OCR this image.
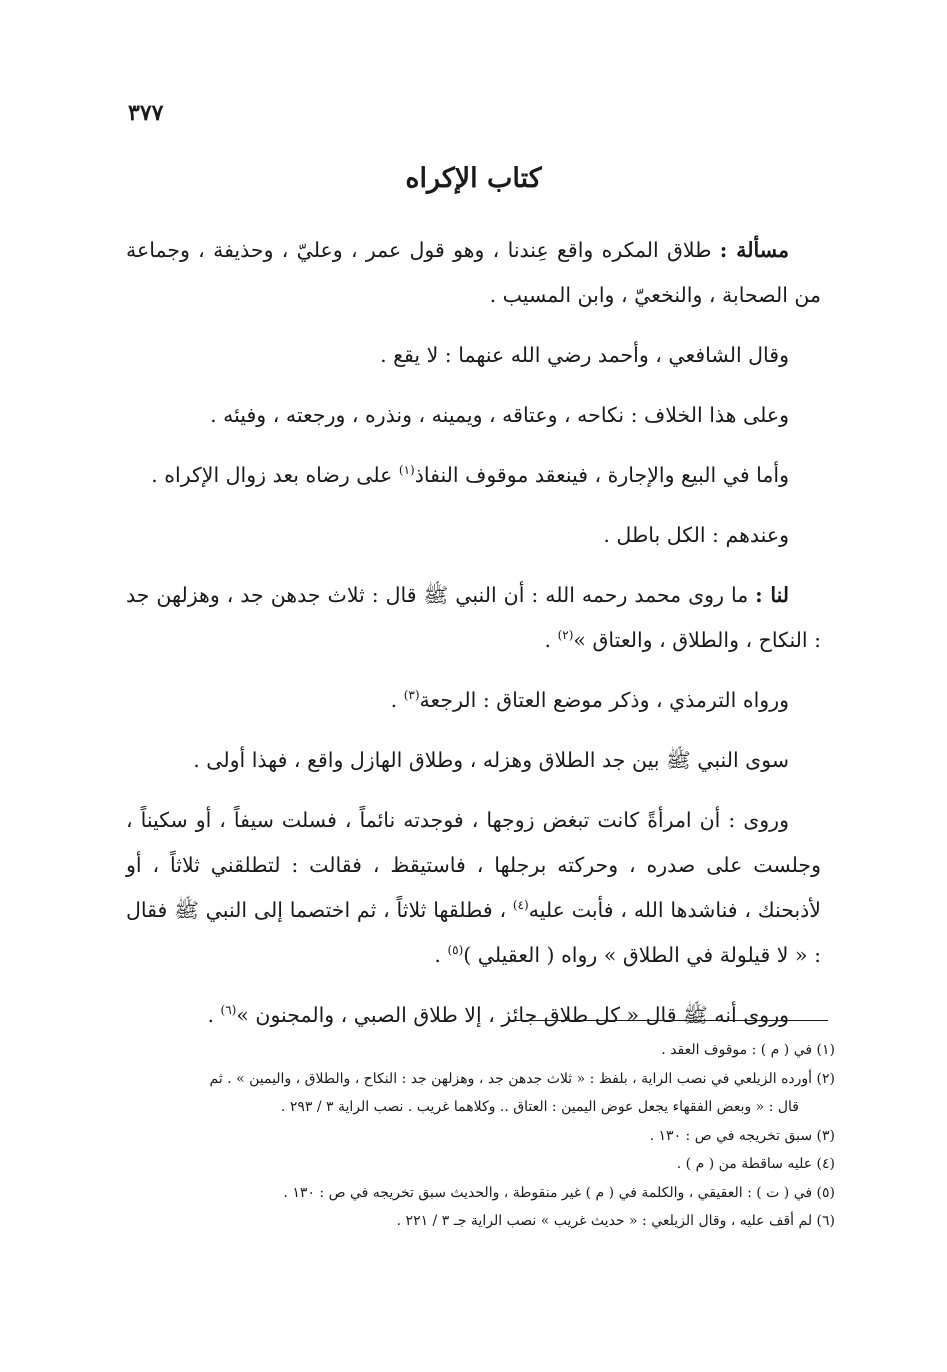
٣٧٧
كتاب الإكراه

مسألة : طلاق المكره واقع عِندنا ، وهو قول عمر ، وعليّ ، وحذيفة ، وجماعة من الصحابة ، والنخعيّ ، وابن المسيب .

وقال الشافعي ، وأحمد رضي الله عنهما : لا يقع .

وعلى هذا الخلاف : نكاحه ، وعتاقه ، ويمينه ، ونذره ، ورجعته ، وفيئه .

وأما في البيع والإجارة ، فينعقد موقوف النفاذ$^{(١)}$ على رضاه بعد زوال الإكراه .

وعندهم : الكل باطل .

لنا : ما روى محمد رحمه الله : أن النبي ﷺ قال : ثلاث جدهن جد ، وهزلهن جد : النكاح ، والطلاق ، والعتاق »$^{(٢)}$ .

ورواه الترمذي ، وذكر موضع العتاق : الرجعة$^{(٣)}$ .

سوى النبي ﷺ بين جد الطلاق وهزله ، وطلاق الهازل واقع ، فهذا أولى .

وروى : أن امرأةً كانت تبغض زوجها ، فوجدته نائماً ، فسلت سيفاً ، أو سكيناً ، وجلست على صدره ، وحركته برجلها ، فاستيقظ ، فقالت : لتطلقني ثلاثاً ، أو لأذبحنك ، فناشدها الله ، فأبت عليه$^{(٤)}$ ، فطلقها ثلاثاً ، ثم اختصما إلى النبي ﷺ فقال : « لا قيلولة في الطلاق » رواه ( العقيلي )$^{(٥)}$ .

وروى أنه ﷺ قال « كل طلاق جائز ، إلا طلاق الصبي ، والمجنون »$^{(٦)}$ .

(١) في ( م ) : موقوف العقد .

(٢) أورده الزيلعي في نصب الراية ، بلفظ : « ثلاث جدهن جد ، وهزلهن جد : النكاح ، والطلاق ، واليمين » . ثم
قال : « وبعض الفقهاء يجعل عوض اليمين : العتاق .. وكلاهما غريب . نصب الراية ٣ / ٢٩٣ .

(٣) سبق تخريجه في ص : ١٣٠ .

(٤) عليه ساقطة من ( م ) .

(٥) في ( ت ) : العقيقي ، والكلمة في ( م ) غير منقوطة ، والحديث سبق تخريجه في ص : ١٣٠ .

(٦) لم أقف عليه ، وقال الزيلعي : « حديث غريب » نصب الراية جـ ٣ / ٢٢١ .
